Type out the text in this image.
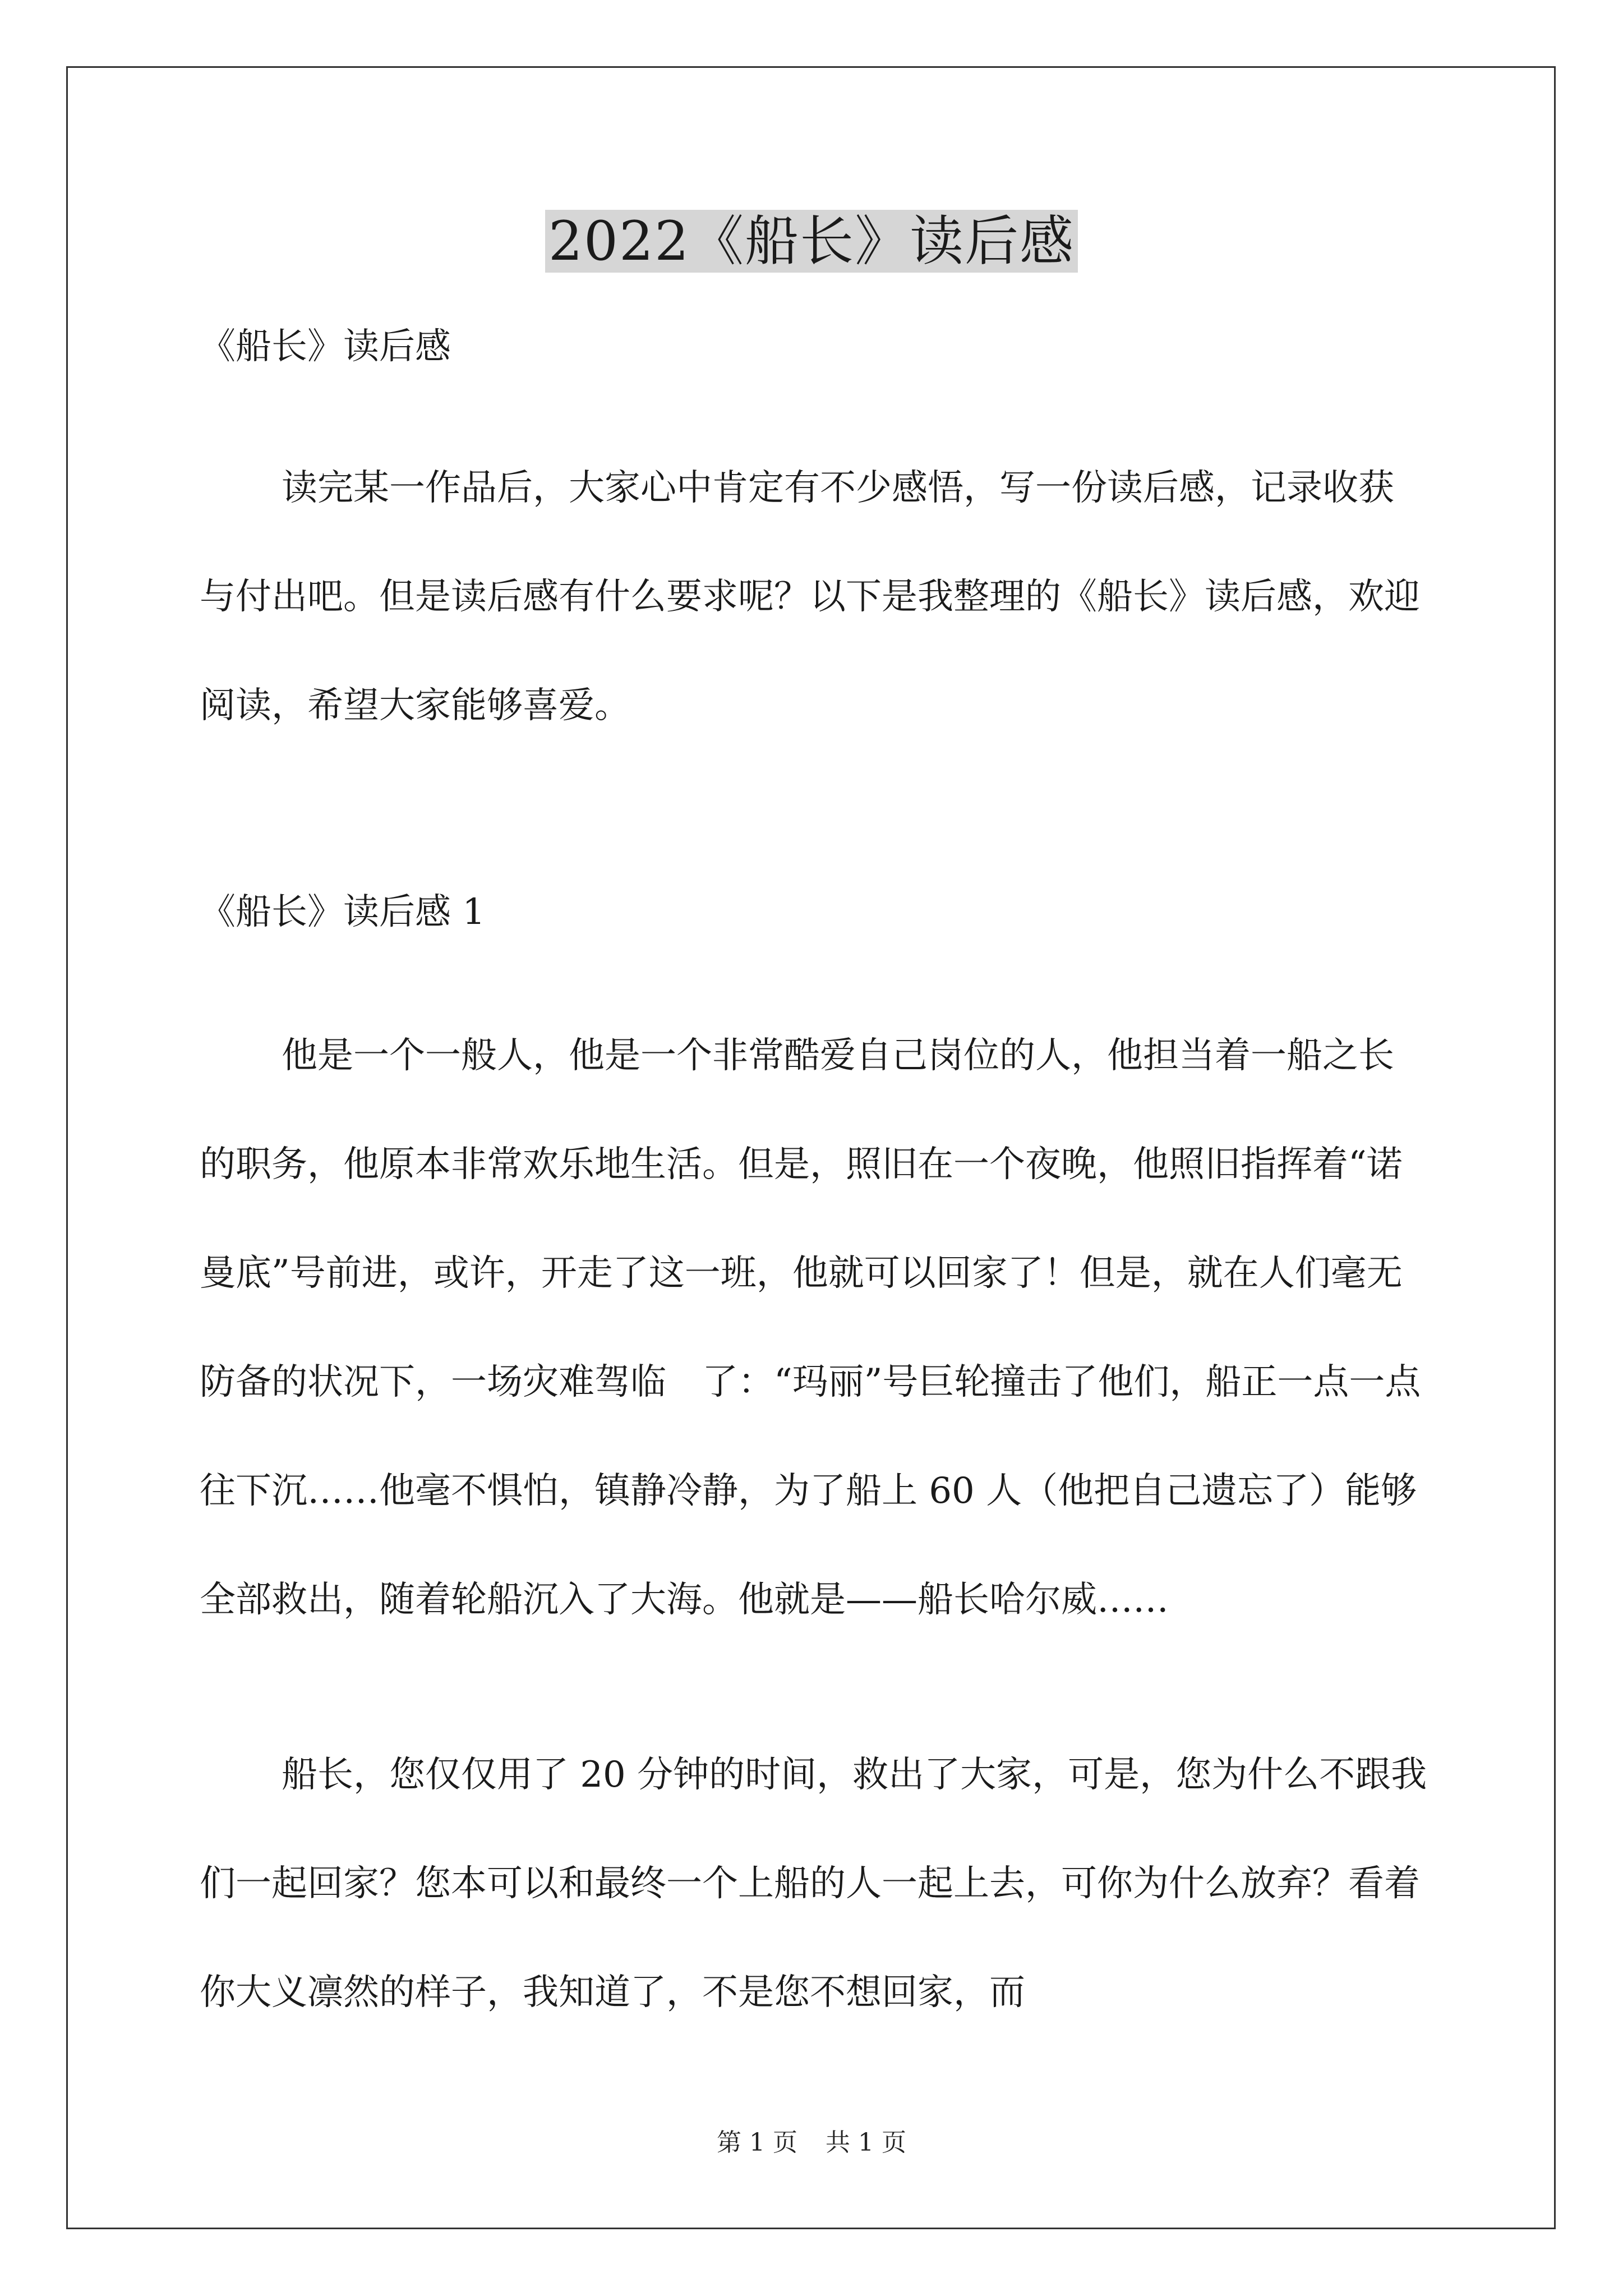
2022《船长》读后感
《船长》读后感

读完某一作品后，大家心中肯定有不少感悟，写一份读后感，记录收获与付出吧。但是读后感有什么要求呢？以下是我整理的《船长》读后感，欢迎阅读，希望大家能够喜爱。

《船长》读后感 1

他是一个一般人，他是一个非常酷爱自己岗位的人，他担当着一船之长的职务，他原本非常欢乐地生活。但是，照旧在一个夜晚，他照旧指挥着“诺曼底”号前进，或许，开走了这一班，他就可以回家了！但是，就在人们毫无防备的状况下，一场灾难驾临　了：“玛丽”号巨轮撞击了他们，船正一点一点往下沉……他毫不惧怕，镇静冷静，为了船上 60 人（他把自己遗忘了）能够全部救出，随着轮船沉入了大海。他就是——船长哈尔威……

船长，您仅仅用了 20 分钟的时间，救出了大家，可是，您为什么不跟我们一起回家？您本可以和最终一个上船的人一起上去，可你为什么放弃？看着你大义凛然的样子，我知道了，不是您不想回家，而

第 1 页 共 1 页
